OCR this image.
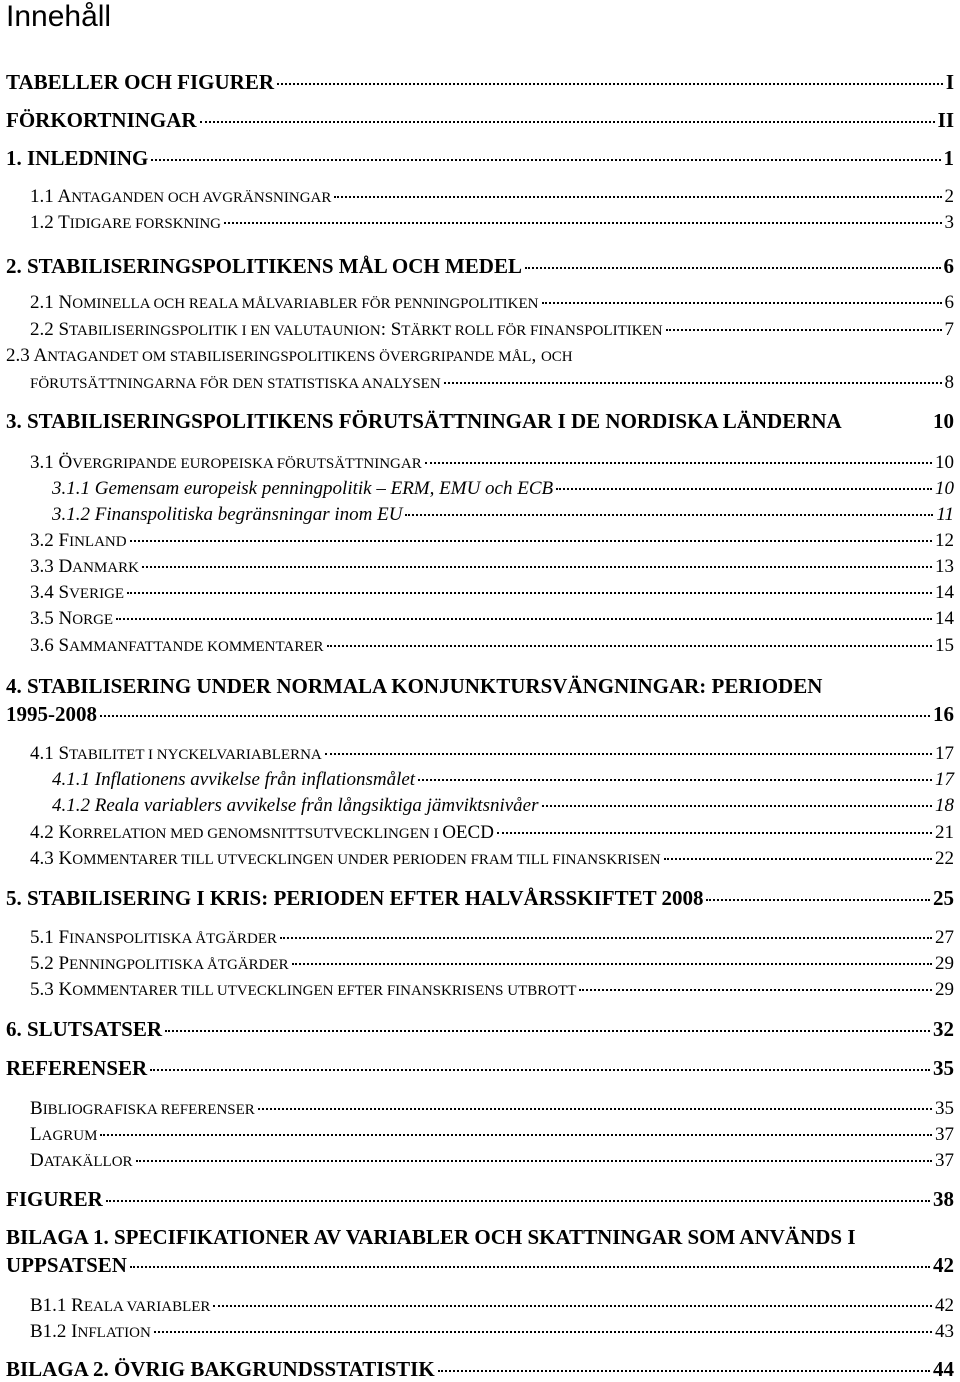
Innehåll
TABELLER OCH FIGURER	I
FÖRKORTNINGAR	II
1. INLEDNING	1
1.1 ANTAGANDEN OCH AVGRÄNSNINGAR	2
1.2 TIDIGARE FORSKNING	3
2. STABILISERINGSPOLITIKENS MÅL OCH MEDEL	6
2.1 NOMINELLA OCH REALA MÅLVARIABLER FÖR PENNINGPOLITIKEN	6
2.2 STABILISERINGSPOLITIK I EN VALUTAUNION: STÄRKT ROLL FÖR FINANSPOLITIKEN	7
2.3 ANTAGANDET OM STABILISERINGSPOLITIKENS ÖVERGRIPANDE MÅL, OCH
FÖRUTSÄTTNINGARNA FÖR DEN STATISTISKA ANALYSEN	8
3. STABILISERINGSPOLITIKENS FÖRUTSÄTTNINGAR I DE NORDISKA LÄNDERNA	10
3.1 ÖVERGRIPANDE EUROPEISKA FÖRUTSÄTTNINGAR	10
3.1.1 Gemensam europeisk penningpolitik – ERM, EMU och ECB	10
3.1.2 Finanspolitiska begränsningar inom EU	11
3.2 FINLAND	12
3.3 DANMARK	13
3.4 SVERIGE	14
3.5 NORGE	14
3.6 SAMMANFATTANDE KOMMENTARER	15
4. STABILISERING UNDER NORMALA KONJUNKTURSVÄNGNINGAR: PERIODEN
1995-2008	16
4.1 STABILITET I NYCKELVARIABLERNA	17
4.1.1 Inflationens avvikelse från inflationsmålet	17
4.1.2 Reala variablers avvikelse från långsiktiga jämviktsnivåer	18
4.2 KORRELATION MED GENOMSNITTSUTVECKLINGEN I OECD	21
4.3 KOMMENTARER TILL UTVECKLINGEN UNDER PERIODEN FRAM TILL FINANSKRISEN	22
5. STABILISERING I KRIS: PERIODEN EFTER HALVÅRSSKIFTET 2008	25
5.1 FINANSPOLITISKA ÅTGÄRDER	27
5.2 PENNINGPOLITISKA ÅTGÄRDER	29
5.3 KOMMENTARER TILL UTVECKLINGEN EFTER FINANSKRISENS UTBROTT	29
6. SLUTSATSER	32
REFERENSER	35
BIBLIOGRAFISKA REFERENSER	35
LAGRUM	37
DATAKÄLLOR	37
FIGURER	38
BILAGA 1. SPECIFIKATIONER AV VARIABLER OCH SKATTNINGAR SOM ANVÄNDS I
UPPSATSEN	42
B1.1 REALA VARIABLER	42
B1.2 INFLATION	43
BILAGA 2. ÖVRIG BAKGRUNDSSTATISTIK	44
